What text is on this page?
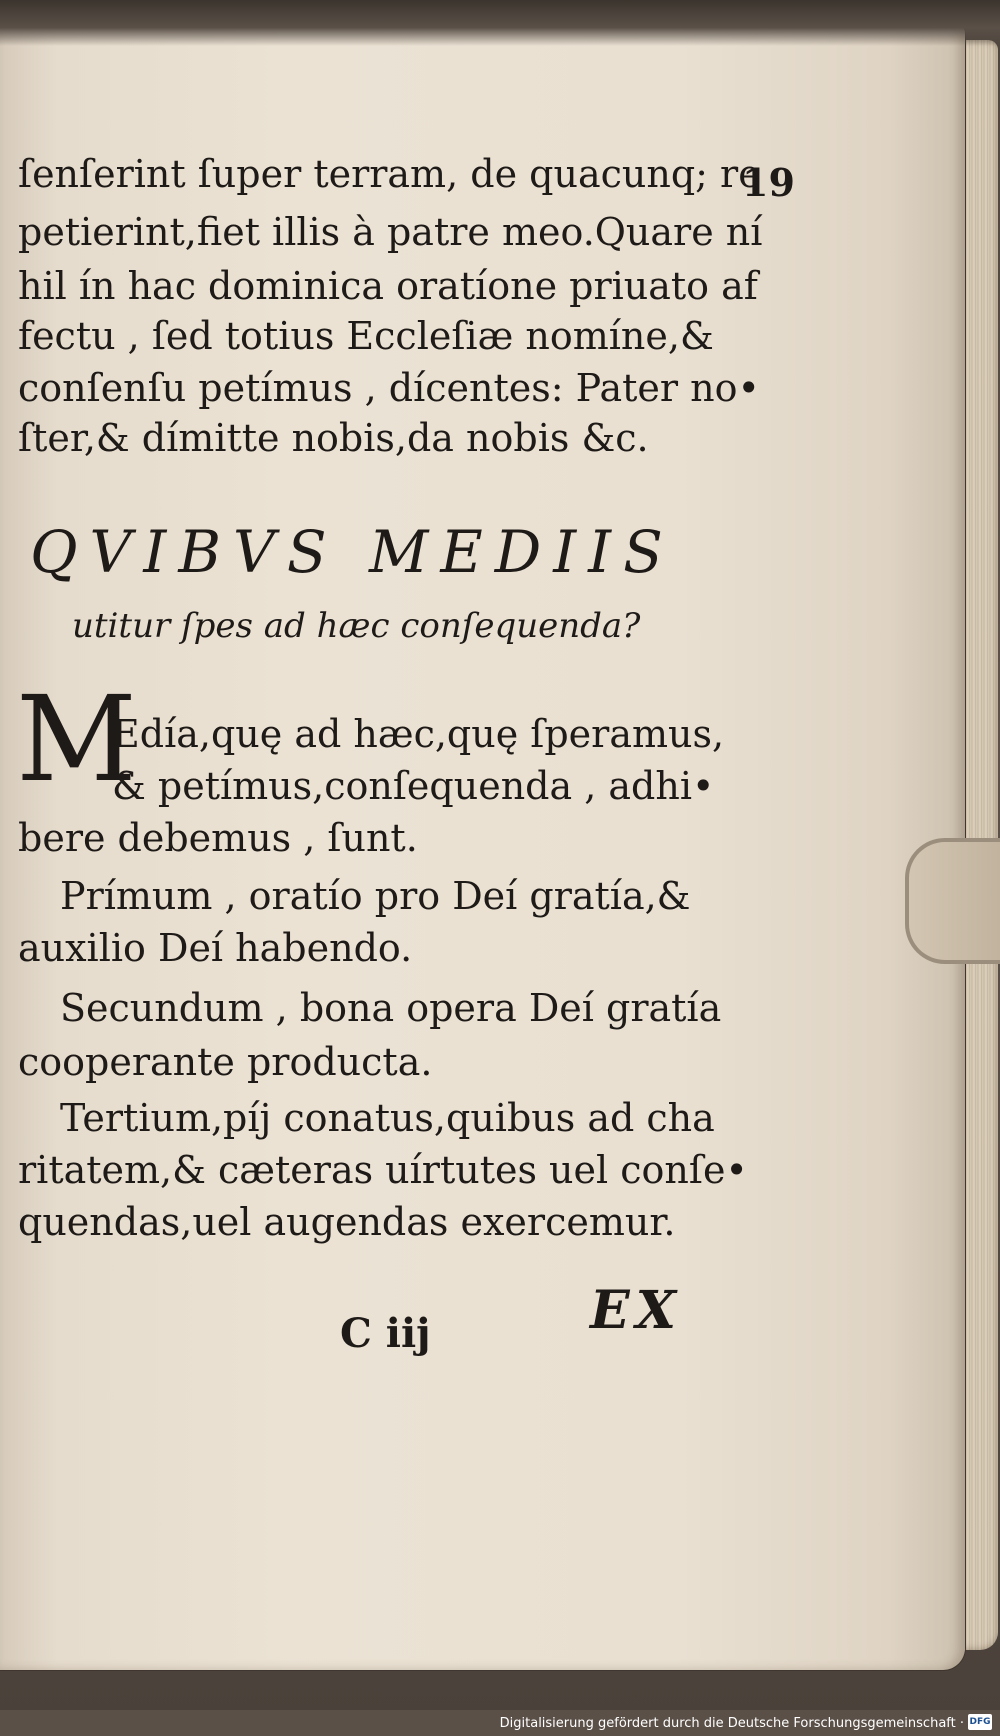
19
ſenſerint ſuper terram, de quacunq; re
petierint,fiet illis à patre meo.Quare ní
hil ín hac dominica oratíone priuato af
fectu , ſed totius Eccleſiæ nomíne,&
conſenſu petímus , dícentes: Pater no•
ſter,& dímitte nobis,da nobis &c.
QVIBVS MEDIIS
utitur ſpes ad hæc conſequenda?
M
Edía,quę ad hæc,quę ſperamus,
& petímus,conſequenda , adhi•
bere debemus , ſunt.
Prímum , oratío pro Deí gratía,&
auxilio Deí habendo.
Secundum , bona opera Deí gratía
cooperante producta.
Tertium,píj conatus,quibus ad cha
ritatem,& cæteras uírtutes uel conſe•
quendas,uel augendas exercemur.
C iij	EX
Digitalisierung gefördert durch die Deutsche Forschungsgemeinschaft · DFG
